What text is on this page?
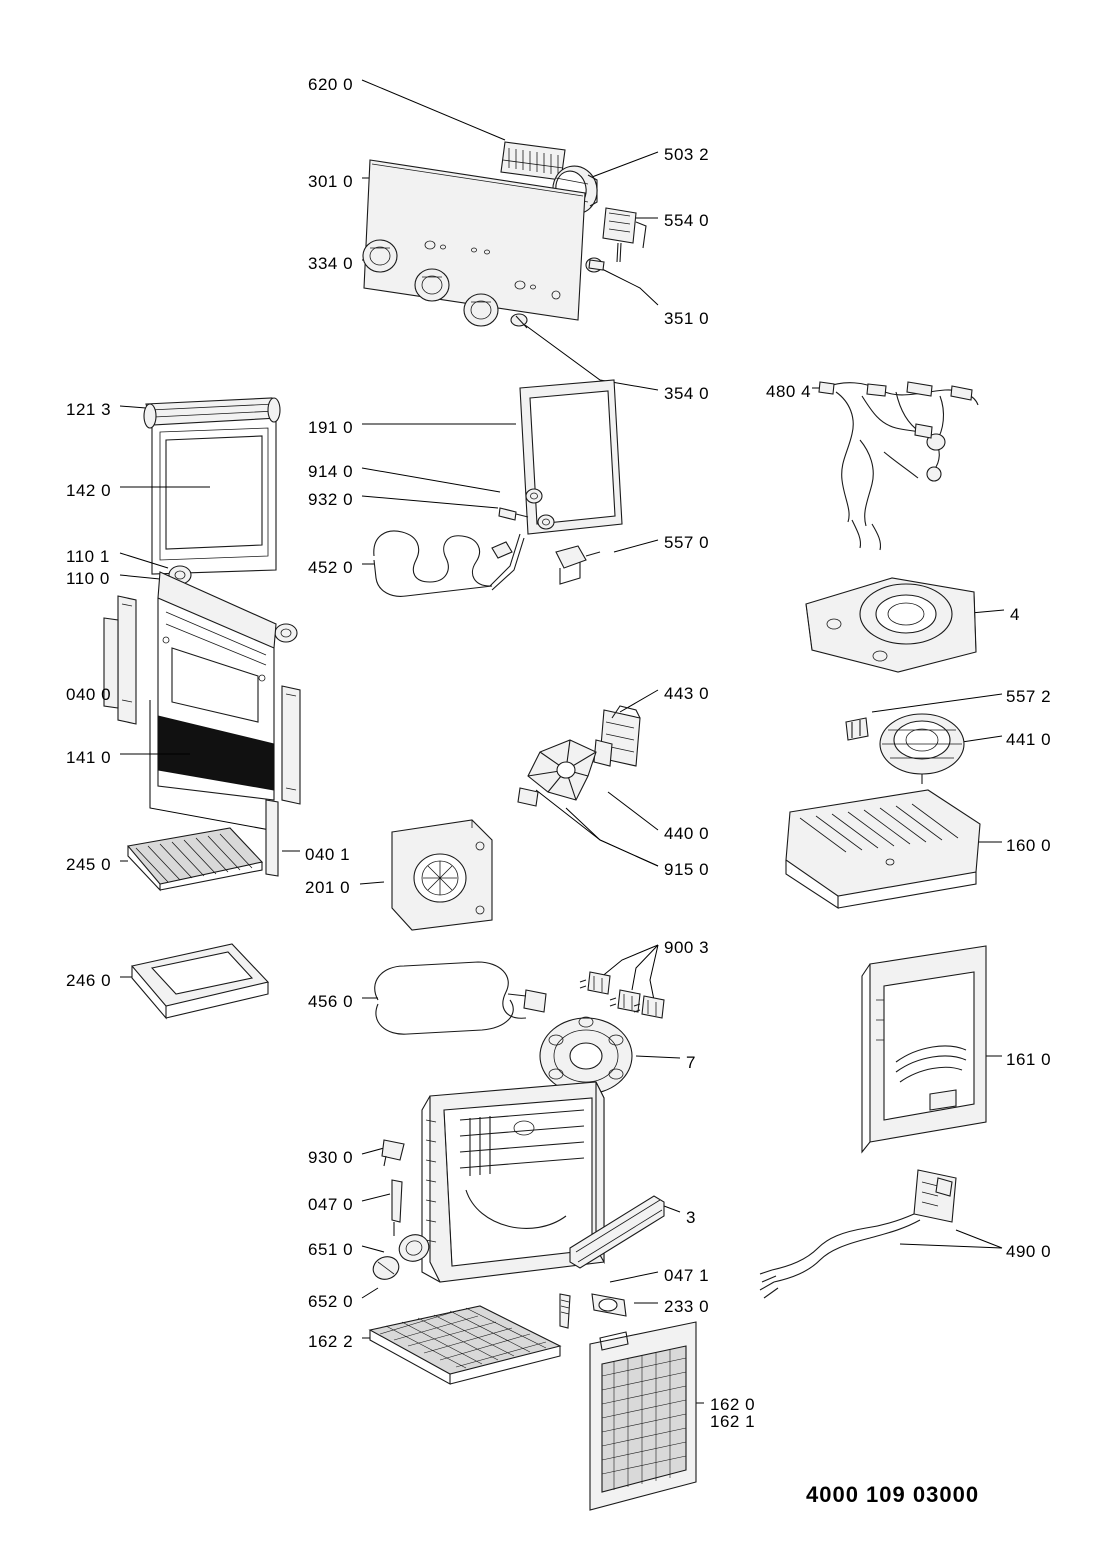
620 0
503 2
301 0
554 0
334 0
351 0
354 0	480 4
121 3
191 0
142 0
914 0
932 0
110 1
110 0
452 0
557 0
4
040 0	443 0	557 2
441 0
141 0
440 0
245 0
040 1
915 0
160 0
201 0
900 3
246 0
456 0
7	161 0
930 0
047 0
3
490 0
651 0
047 1
652 0	233 0
162 2
162 0
162 1
4000 109 03000
